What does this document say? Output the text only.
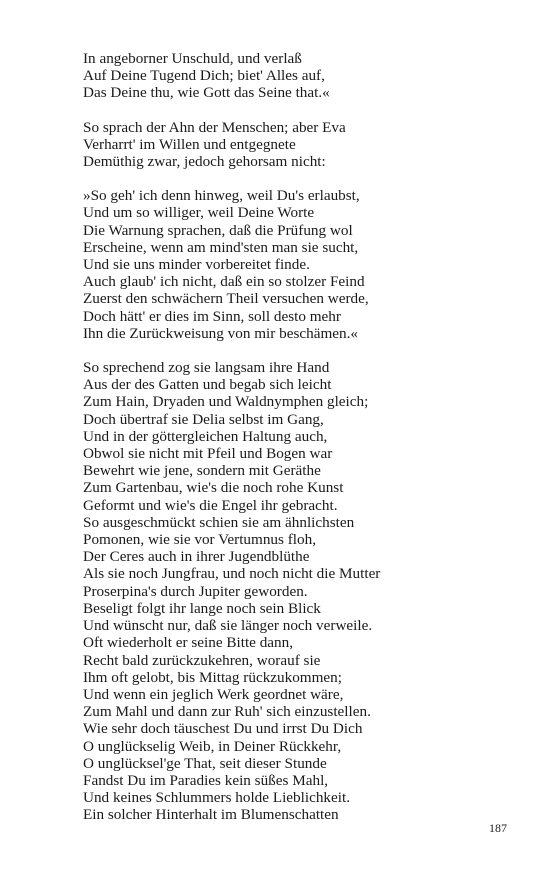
In angeborner Unschuld, und verlaß
Auf Deine Tugend Dich; biet' Alles auf,
Das Deine thu, wie Gott das Seine that.«
So sprach der Ahn der Menschen; aber Eva
Verharrt' im Willen und entgegnete
Demüthig zwar, jedoch gehorsam nicht:
»So geh' ich denn hinweg, weil Du's erlaubst,
Und um so williger, weil Deine Worte
Die Warnung sprachen, daß die Prüfung wol
Erscheine, wenn am mind'sten man sie sucht,
Und sie uns minder vorbereitet finde.
Auch glaub' ich nicht, daß ein so stolzer Feind
Zuerst den schwächern Theil versuchen werde,
Doch hätt' er dies im Sinn, soll desto mehr
Ihn die Zurückweisung von mir beschämen.«
So sprechend zog sie langsam ihre Hand
Aus der des Gatten und begab sich leicht
Zum Hain, Dryaden und Waldnymphen gleich;
Doch übertraf sie Delia selbst im Gang,
Und in der göttergleichen Haltung auch,
Obwol sie nicht mit Pfeil und Bogen war
Bewehrt wie jene, sondern mit Geräthe
Zum Gartenbau, wie's die noch rohe Kunst
Geformt und wie's die Engel ihr gebracht.
So ausgeschmückt schien sie am ähnlichsten
Pomonen, wie sie vor Vertumnus floh,
Der Ceres auch in ihrer Jugendblüthe
Als sie noch Jungfrau, und noch nicht die Mutter
Proserpina's durch Jupiter geworden.
Beseligt folgt ihr lange noch sein Blick
Und wünscht nur, daß sie länger noch verweile.
Oft wiederholt er seine Bitte dann,
Recht bald zurückzukehren, worauf sie
Ihm oft gelobt, bis Mittag rückzukommen;
Und wenn ein jeglich Werk geordnet wäre,
Zum Mahl und dann zur Ruh' sich einzustellen.
Wie sehr doch täuschest Du und irrst Du Dich
O unglückselig Weib, in Deiner Rückkehr,
O unglücksel'ge That, seit dieser Stunde
Fandst Du im Paradies kein süßes Mahl,
Und keines Schlummers holde Lieblichkeit.
Ein solcher Hinterhalt im Blumenschatten
187
